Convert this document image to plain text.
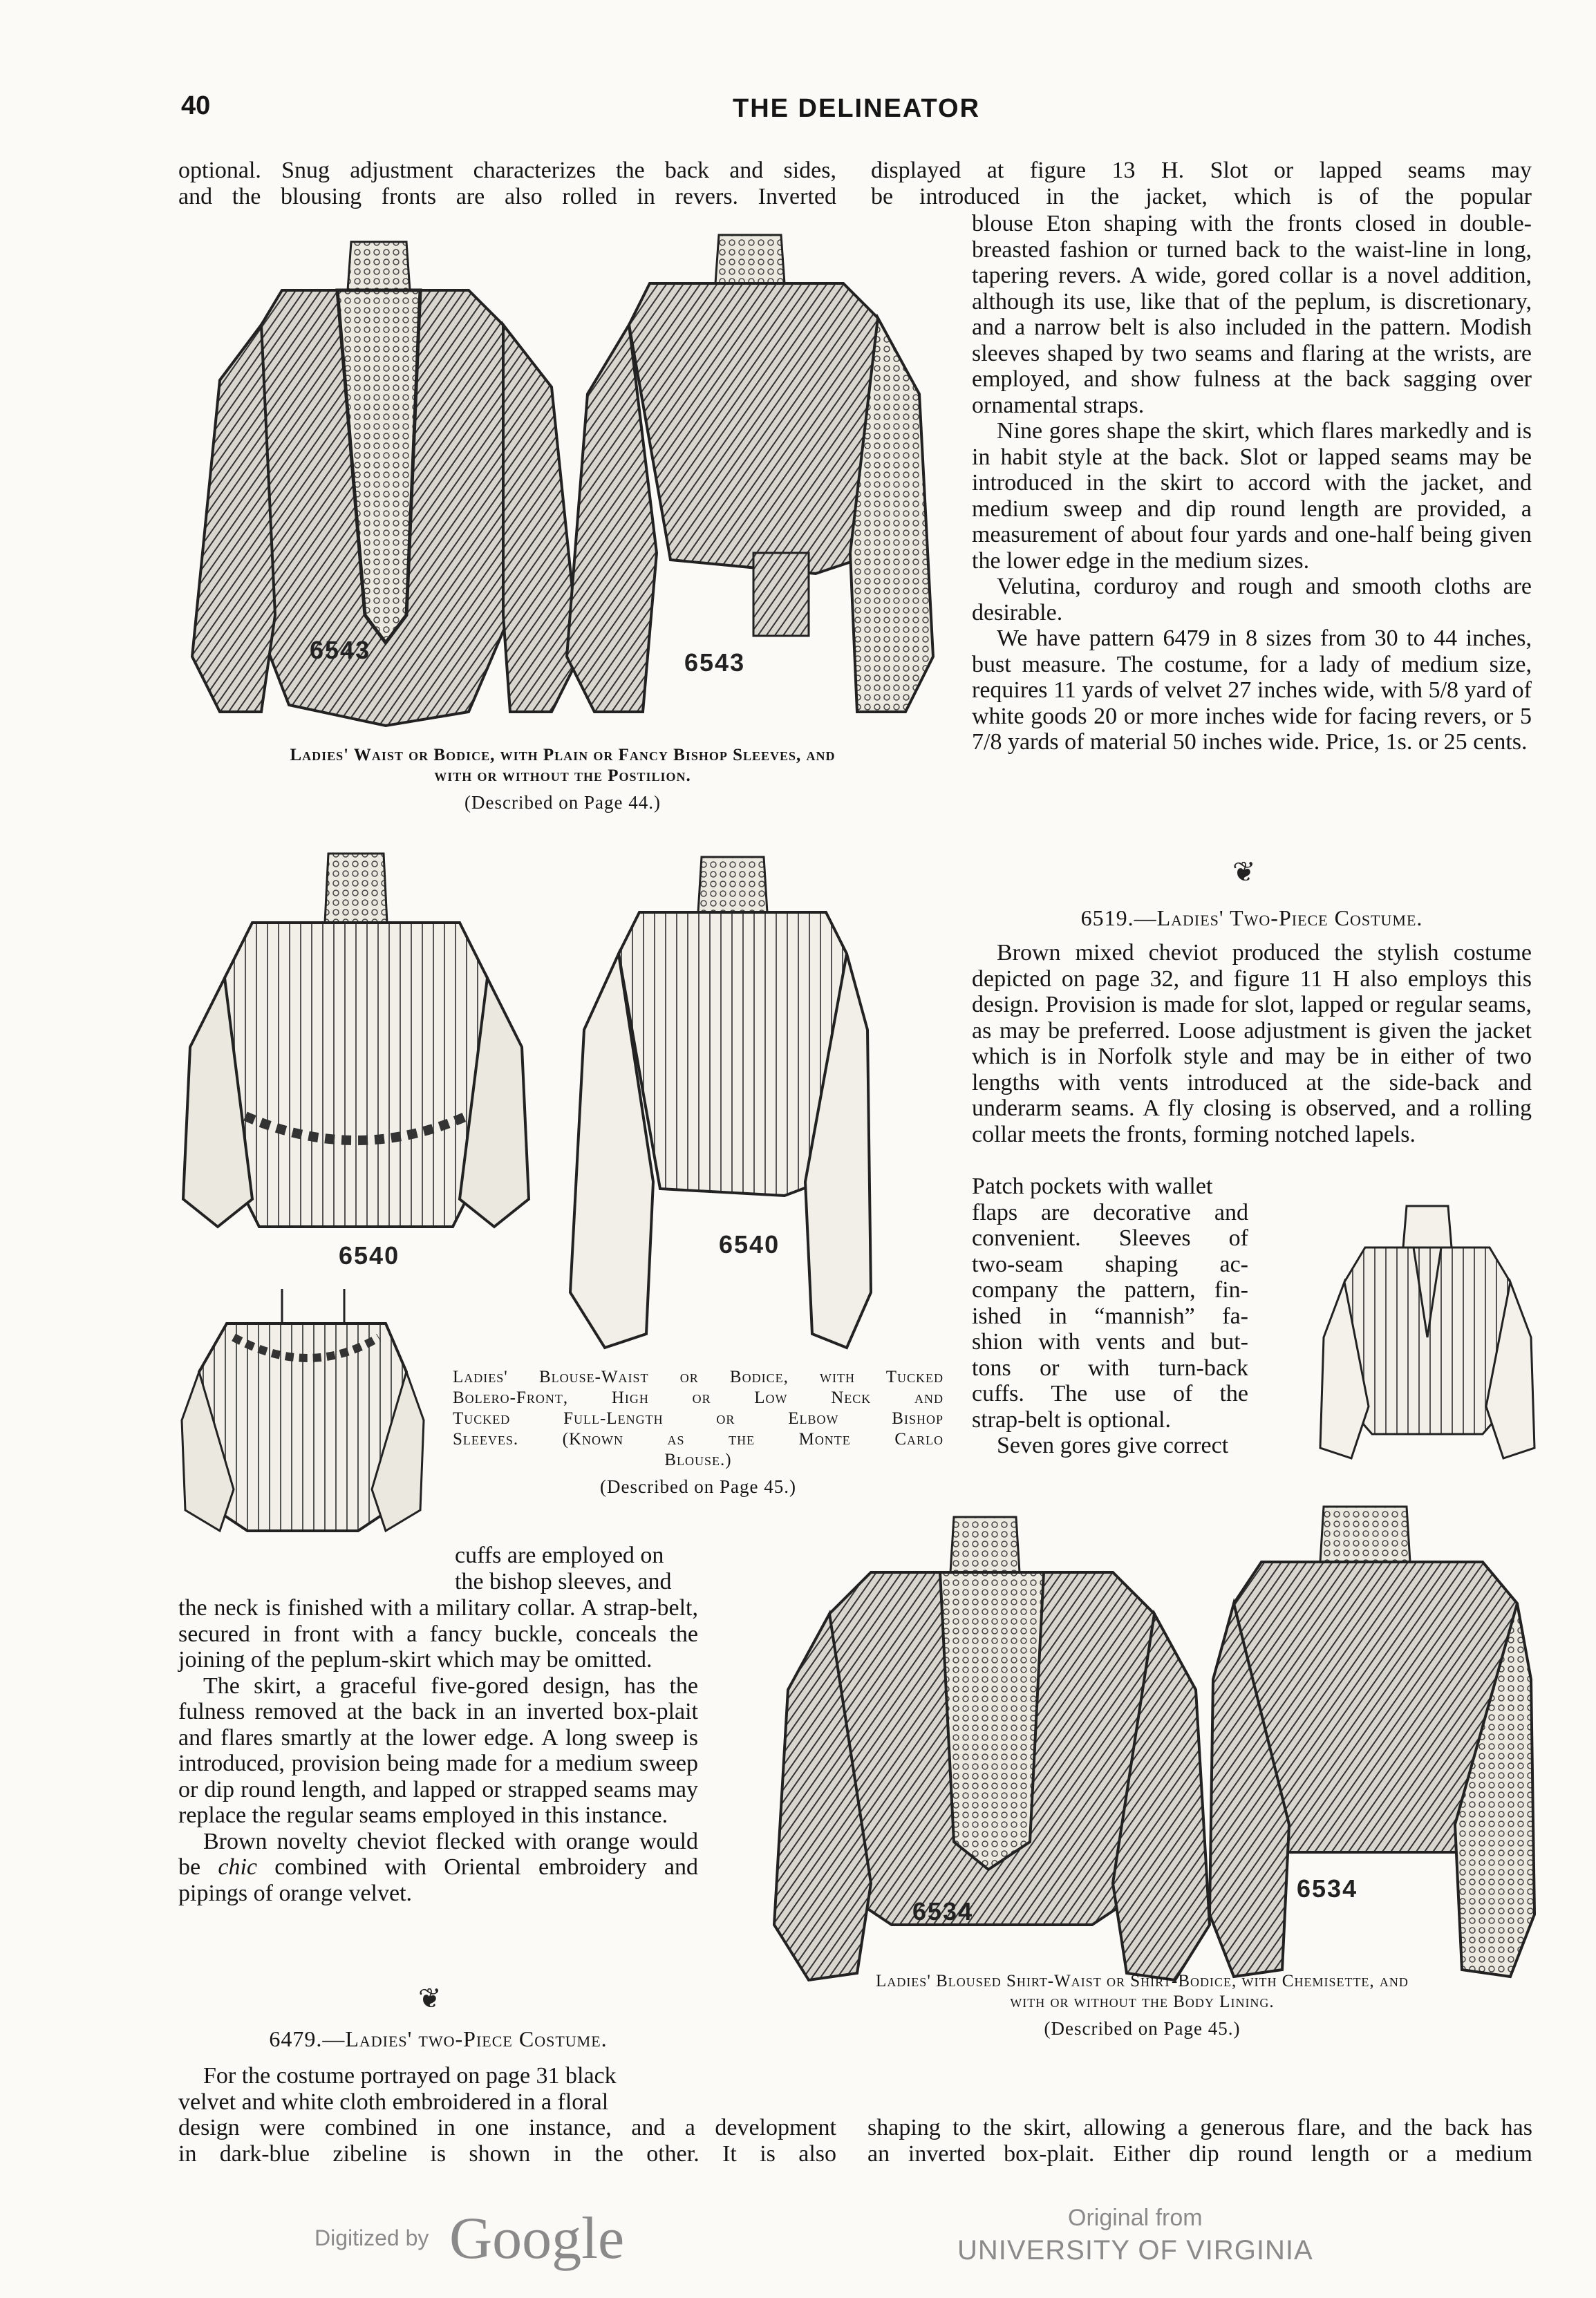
40	THE DELINEATOR

optional. Snug adjustment characterizes the back and sides,

and the blousing fronts are also rolled in revers. Inverted

displayed at figure 13 H. Slot or lapped seams may

be introduced in the jacket, which is of the popular

blouse Eton shaping with the fronts closed in double-breasted fashion or turned back to the waist-line in long, tapering revers. A wide, gored collar is a novel addition, although its use, like that of the peplum, is discretionary, and a narrow belt is also included in the pattern. Modish sleeves shaped by two seams and flaring at the wrists, are employed, and show fulness at the back sagging over ornamental straps.

Nine gores shape the skirt, which flares markedly and is in habit style at the back. Slot or lapped seams may be introduced in the skirt to accord with the jacket, and medium sweep and dip round length are provided, a measurement of about four yards and one-half being given the lower edge in the medium sizes.

Velutina, corduroy and rough and smooth cloths are desirable.

We have pattern 6479 in 8 sizes from 30 to 44 inches, bust measure. The costume, for a lady of medium size, requires 11 yards of velvet 27 inches wide, with 5/8 yard of white goods 20 or more inches wide for facing revers, or 5 7/8 yards of material 50 inches wide. Price, 1s. or 25 cents.

6543	6543
Ladies' Waist or Bodice, with Plain or Fancy Bishop Sleeves, and
with or without the Postilion.
(Described on Page 44.)
6540	6540
Ladies' Blouse-Waist or Bodice, with Tucked
Bolero-Front, High or Low Neck and
Tucked Full-Length or Elbow Bishop
Sleeves. (Known as the Monte Carlo
Blouse.)
(Described on Page 45.)
❦
6519.—Ladies' Two-Piece Costume.

Brown mixed cheviot produced the stylish costume depicted on page 32, and figure 11 H also employs this design. Provision is made for slot, lapped or regular seams, as may be preferred. Loose adjustment is given the jacket which is in Norfolk style and may be in either of two lengths with vents introduced at the side-back and underarm seams. A fly closing is observed, and a rolling collar meets the fronts, forming notched lapels.

Patch pockets with wallet

flaps are decorative and

convenient. Sleeves of

two-seam shaping ac-

company the pattern, fin-

ished in “mannish” fa-

shion with vents and but-

tons or with turn-back

cuffs. The use of the

strap-belt is optional.

Seven gores give correct

cuffs are employed on

the bishop sleeves, and

the neck is finished with a military collar. A strap-belt, secured in front with a fancy buckle, conceals the joining of the peplum-skirt which may be omitted.

The skirt, a graceful five-gored design, has the fulness removed at the back in an inverted box-plait and flares smartly at the lower edge. A long sweep is introduced, provision being made for a medium sweep or dip round length, and lapped or strapped seams may replace the regular seams employed in this instance.

Brown novelty cheviot flecked with orange would be chic combined with Oriental embroidery and pipings of orange velvet.

❦
6479.—Ladies' two-Piece Costume.

For the costume portrayed on page 31 black

velvet and white cloth embroidered in a floral

design were combined in one instance, and a development

in dark-blue zibeline is shown in the other. It is also

6534
6534
Ladies' Bloused Shirt-Waist or Shirt-Bodice, with Chemisette, and
with or without the Body Lining.
(Described on Page 45.)

shaping to the skirt, allowing a generous flare, and the back has

an inverted box-plait. Either dip round length or a medium

Digitized by Google	Original from
UNIVERSITY OF VIRGINIA
